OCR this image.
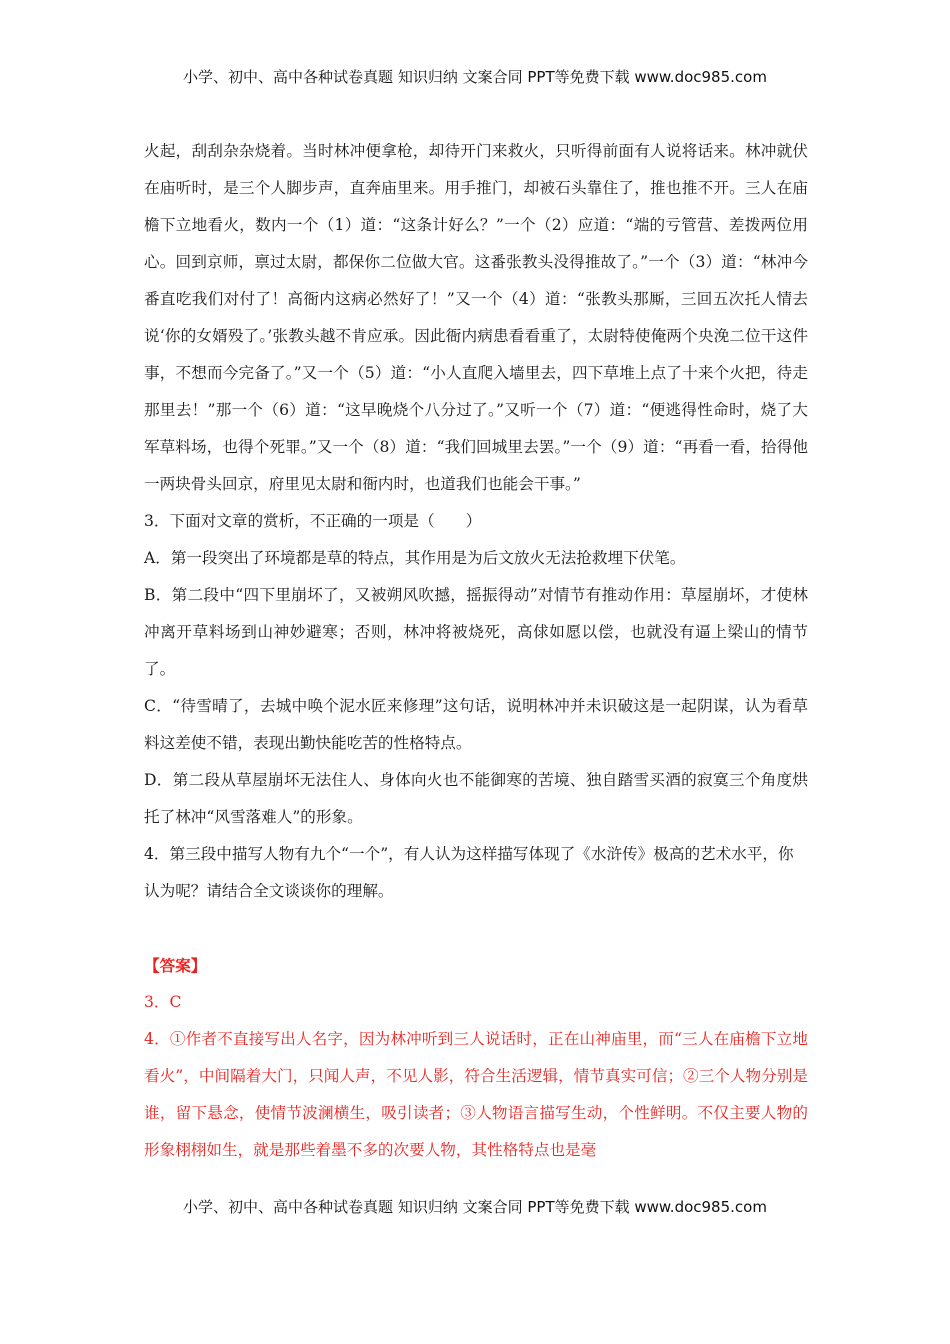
小学、初中、高中各种试卷真题 知识归纳 文案合同 PPT等免费下载 www.doc985.com

火起，刮刮杂杂烧着。当时林冲便拿枪，却待开门来救火，只听得前面有人说将话来。林冲就伏在庙听时，是三个人脚步声，直奔庙里来。用手推门，却被石头靠住了，推也推不开。三人在庙檐下立地看火，数内一个（1）道：“这条计好么？”一个（2）应道：“端的亏管营、差拨两位用心。回到京师，禀过太尉，都保你二位做大官。这番张教头没得推故了。”一个（3）道：“林冲今番直吃我们对付了！高衙内这病必然好了！”又一个（4）道：“张教头那厮，三回五次托人情去说‘你的女婿殁了。’张教头越不肯应承。因此衙内病患看看重了，太尉特使俺两个央浼二位干这件事，不想而今完备了。”又一个（5）道：“小人直爬入墙里去，四下草堆上点了十来个火把，待走那里去！”那一个（6）道：“这早晚烧个八分过了。”又听一个（7）道：“便逃得性命时，烧了大军草料场，也得个死罪。”又一个（8）道：“我们回城里去罢。”一个（9）道：“再看一看，拾得他一两块骨头回京，府里见太尉和衙内时，也道我们也能会干事。”

3．下面对文章的赏析，不正确的一项是（　　）

A．第一段突出了环境都是草的特点，其作用是为后文放火无法抢救埋下伏笔。

B．第二段中“四下里崩坏了，又被朔风吹撼，摇振得动”对情节有推动作用：草屋崩坏，才使林冲离开草料场到山神妙避寒；否则，林冲将被烧死，高俅如愿以偿，也就没有逼上梁山的情节了。

C．“待雪晴了，去城中唤个泥水匠来修理”这句话，说明林冲并未识破这是一起阴谋，认为看草料这差使不错，表现出勤快能吃苦的性格特点。

D．第二段从草屋崩坏无法住人、身体向火也不能御寒的苦境、独自踏雪买酒的寂寞三个角度烘托了林冲“风雪落难人”的形象。

4．第三段中描写人物有九个“一个”，有人认为这样描写体现了《水浒传》极高的艺术水平，你认为呢？请结合全文谈谈你的理解。

【答案】

3．C

4．①作者不直接写出人名字，因为林冲听到三人说话时，正在山神庙里，而“三人在庙檐下立地看火”，中间隔着大门，只闻人声，不见人影，符合生活逻辑，情节真实可信；②三个人物分别是谁，留下悬念，使情节波澜横生，吸引读者；③人物语言描写生动，个性鲜明。不仅主要人物的形象栩栩如生，就是那些着墨不多的次要人物，其性格特点也是毫

小学、初中、高中各种试卷真题 知识归纳 文案合同 PPT等免费下载 www.doc985.com
